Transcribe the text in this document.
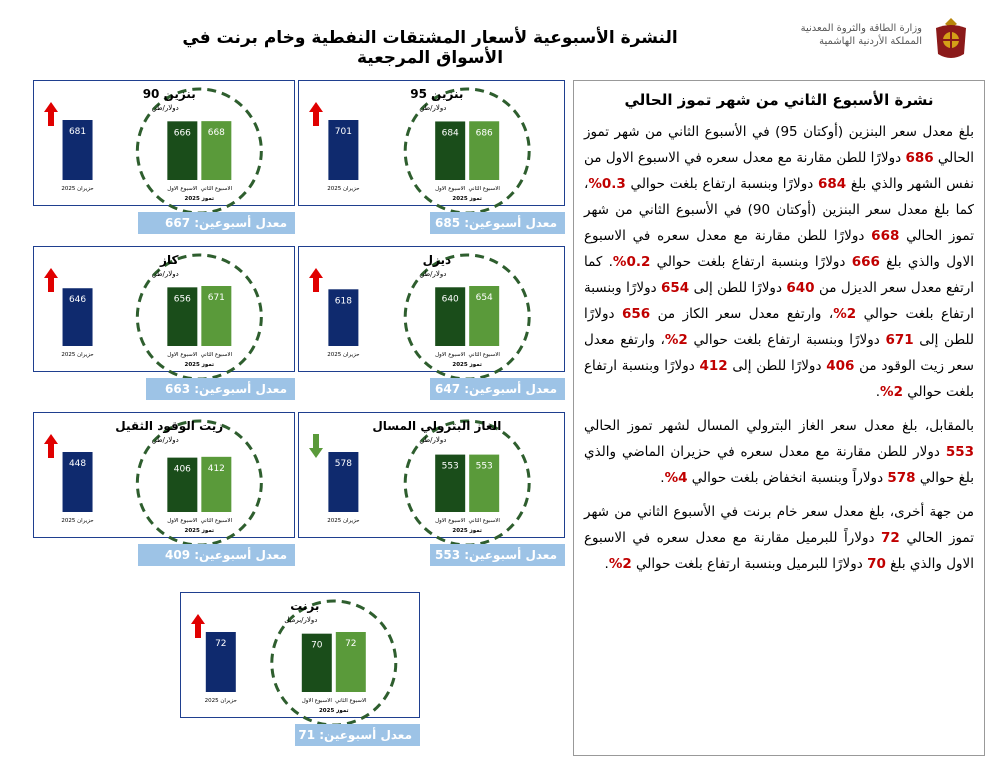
النشرة الأسبوعية لأسعار المشتقات النفطية وخام برنت في الأسواق المرجعية
وزارة الطاقة والثروة المعدنية
المملكة الأردنية الهاشمية
نشرة الأسبوع الثاني من شهر تموز الحالي

بلغ معدل سعر البنزين (أوكتان 95) في الأسبوع الثاني من شهر تموز الحالي 686 دولارًا للطن مقارنة مع معدل سعره في الاسبوع الاول من نفس الشهر والذي بلغ 684 دولارًا وبنسبة ارتفاع بلغت حوالي 0.3%، كما بلغ معدل سعر البنزين (أوكتان 90) في الأسبوع الثاني من شهر تموز الحالي 668 دولارًا للطن مقارنة مع معدل سعره في الاسبوع الاول والذي بلغ 666 دولارًا وبنسبة ارتفاع بلغت حوالي 0.2%. كما ارتفع معدل سعر الديزل من 640 دولارًا للطن إلى 654 دولارًا وبنسبة ارتفاع بلغت حوالي 2%، وارتفع معدل سعر الكاز من 656 دولارًا للطن إلى 671 دولارًا وبنسبة ارتفاع بلغت حوالي 2%، وارتفع معدل سعر زيت الوقود من 406 دولارًا للطن إلى 412 دولارًا وبنسبة ارتفاع بلغت حوالي 2%.

بالمقابل، بلغ معدل سعر الغاز البترولي المسال لشهر تموز الحالي 553 دولار للطن مقارنة مع معدل سعره في حزيران الماضي والذي بلغ حوالي 578 دولاراً وبنسبة انخفاض بلغت حوالي 4%.

من جهة أخرى، بلغ معدل سعر خام برنت في الأسبوع الثاني من شهر تموز الحالي 72 دولاراً للبرميل مقارنة مع معدل سعره في الاسبوع الاول والذي بلغ 70 دولارًا للبرميل وبنسبة ارتفاع بلغت حوالي 2%.

701
حزيران 2025
684
الاسبوع الاول
686
الاسبوع الثاني
تموز 2025
بنزين 95
دولار/طن
معدل أسبوعين: 685
681
حزيران 2025
666
الاسبوع الاول
668
الاسبوع الثاني
تموز 2025
بنزين 90
دولار/طن
معدل أسبوعين: 667
618
حزيران 2025
640
الاسبوع الاول
654
الاسبوع الثاني
تموز 2025
ديزل
دولار/طن
معدل أسبوعين: 647
646
حزيران 2025
656
الاسبوع الاول
671
الاسبوع الثاني
تموز 2025
كاز
دولار/طن
معدل أسبوعين: 663
578
حزيران 2025
553
الاسبوع الاول
553
الاسبوع الثاني
تموز 2025
الغاز البترولي المسال
دولار/طن
معدل أسبوعين: 553
448
حزيران 2025
406
الاسبوع الاول
412
الاسبوع الثاني
تموز 2025
زيت الوقود الثقيل
دولار/طن
معدل أسبوعين: 409
72
حزيران 2025
70
الاسبوع الاول
72
الاسبوع الثاني
تموز 2025
برنت
دولار/برميل
معدل أسبوعين: 71
